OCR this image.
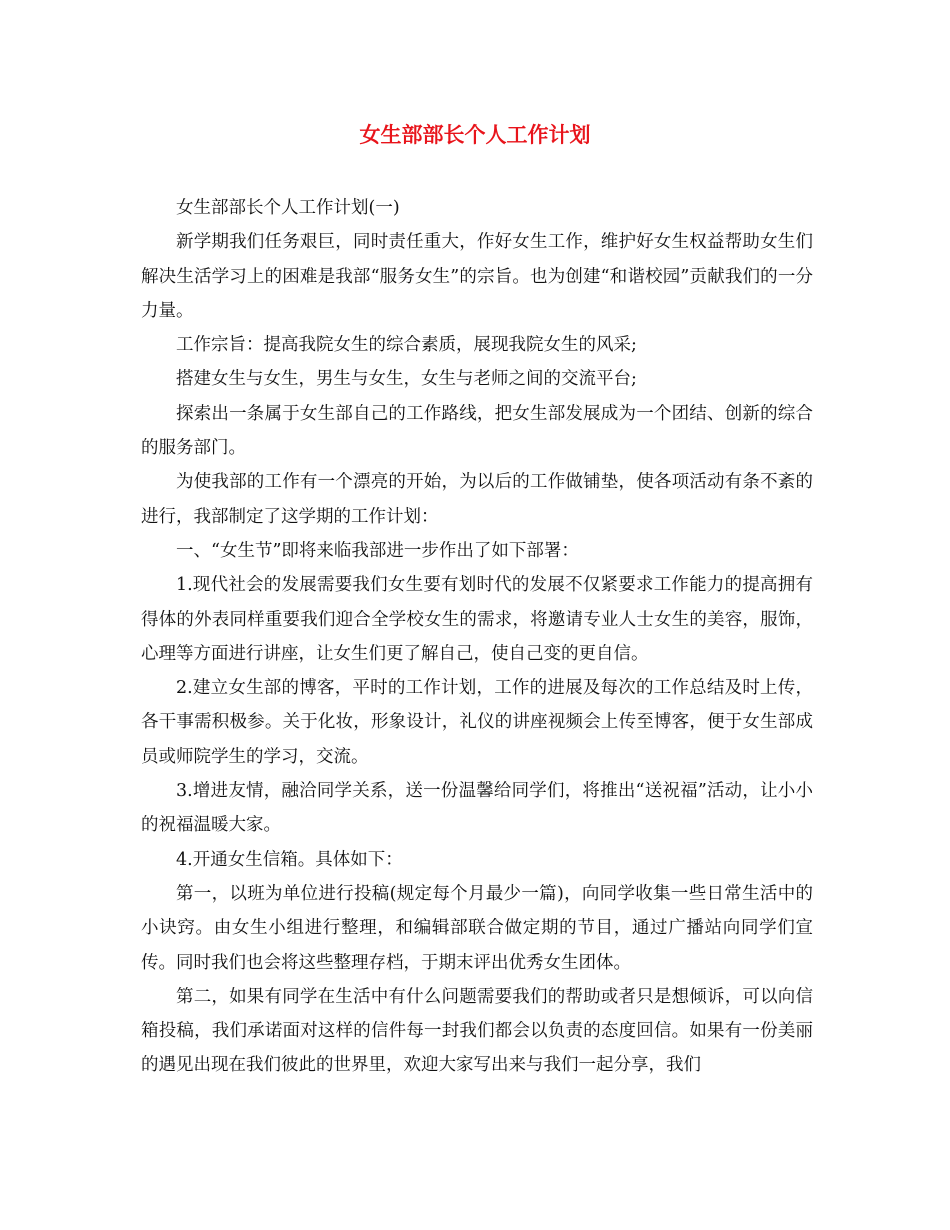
女生部部长个人工作计划

女生部部长个人工作计划(一)

新学期我们任务艰巨，同时责任重大，作好女生工作，维护好女生权益帮助女生们解决生活学习上的困难是我部“服务女生”的宗旨。也为创建“和谐校园”贡献我们的一分力量。

工作宗旨：提高我院女生的综合素质，展现我院女生的风采;

搭建女生与女生，男生与女生，女生与老师之间的交流平台;

探索出一条属于女生部自己的工作路线，把女生部发展成为一个团结、创新的综合的服务部门。

为使我部的工作有一个漂亮的开始，为以后的工作做铺垫，使各项活动有条不紊的进行，我部制定了这学期的工作计划：

一、“女生节”即将来临我部进一步作出了如下部署：

1.现代社会的发展需要我们女生要有划时代的发展不仅紧要求工作能力的提高拥有得体的外表同样重要我们迎合全学校女生的需求，将邀请专业人士女生的美容，服饰，心理等方面进行讲座，让女生们更了解自己，使自己变的更自信。

2.建立女生部的博客，平时的工作计划，工作的进展及每次的工作总结及时上传，各干事需积极参。关于化妆，形象设计，礼仪的讲座视频会上传至博客，便于女生部成员或师院学生的学习，交流。

3.增进友情，融洽同学关系，送一份温馨给同学们，将推出“送祝福”活动，让小小的祝福温暖大家。

4.开通女生信箱。具体如下：

第一，以班为单位进行投稿(规定每个月最少一篇)，向同学收集一些日常生活中的小诀窍。由女生小组进行整理，和编辑部联合做定期的节目，通过广播站向同学们宣传。同时我们也会将这些整理存档，于期末评出优秀女生团体。

第二，如果有同学在生活中有什么问题需要我们的帮助或者只是想倾诉，可以向信箱投稿，我们承诺面对这样的信件每一封我们都会以负责的态度回信。如果有一份美丽的遇见出现在我们彼此的世界里，欢迎大家写出来与我们一起分享，我们
